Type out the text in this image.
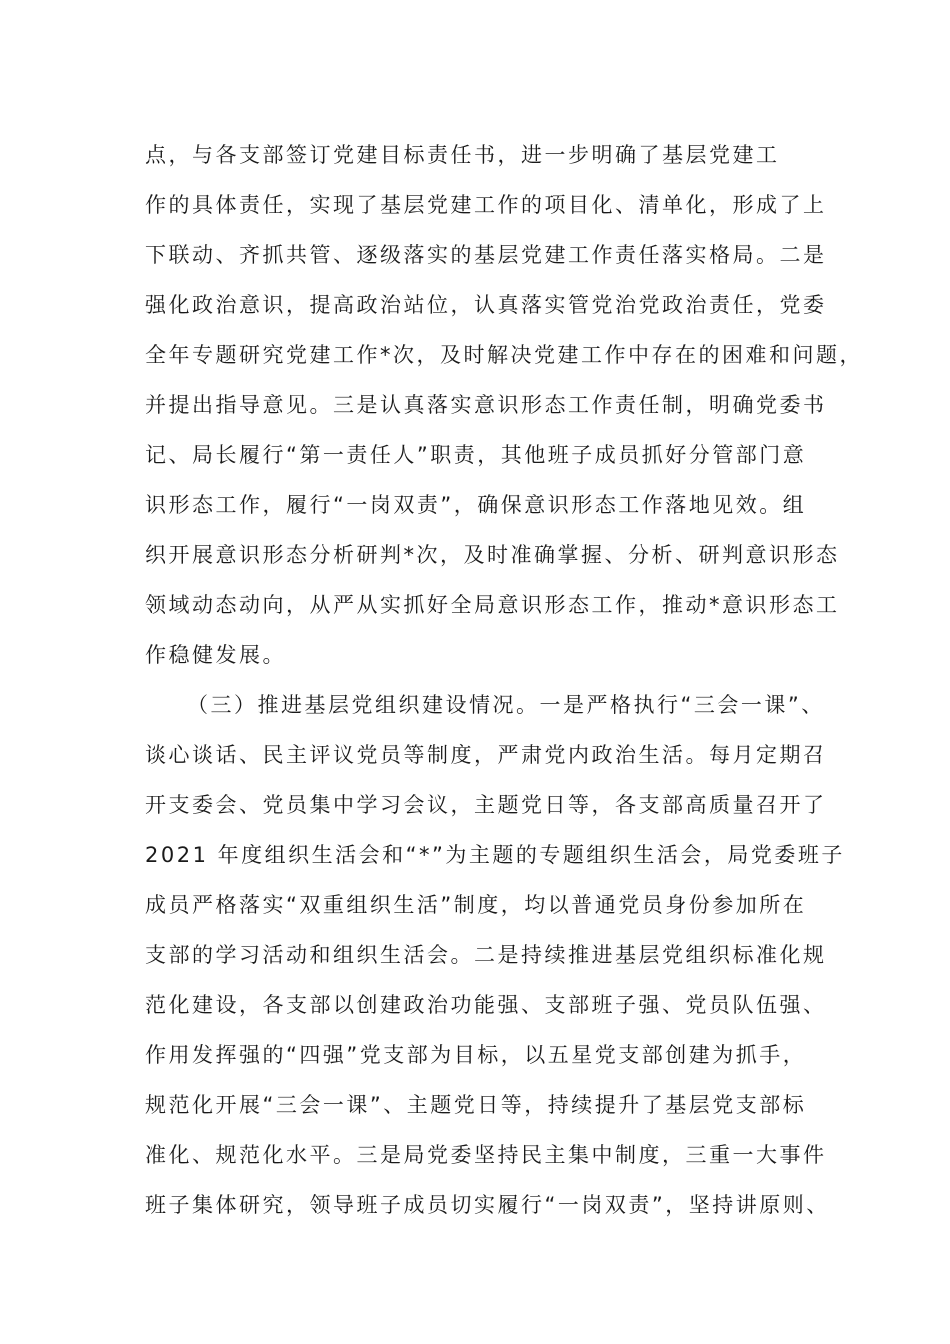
点，与各支部签订党建目标责任书，进一步明确了基层党建工
作的具体责任，实现了基层党建工作的项目化、清单化，形成了上
下联动、齐抓共管、逐级落实的基层党建工作责任落实格局。二是
强化政治意识，提高政治站位，认真落实管党治党政治责任，党委
全年专题研究党建工作*次，及时解决党建工作中存在的困难和问题，
并提出指导意见。三是认真落实意识形态工作责任制，明确党委书
记、局长履行“第一责任人”职责，其他班子成员抓好分管部门意
识形态工作，履行“一岗双责”，确保意识形态工作落地见效。组
织开展意识形态分析研判*次，及时准确掌握、分析、研判意识形态
领域动态动向，从严从实抓好全局意识形态工作，推动*意识形态工
作稳健发展。
（三）推进基层党组织建设情况。一是严格执行“三会一课”、
谈心谈话、民主评议党员等制度，严肃党内政治生活。每月定期召
开支委会、党员集中学习会议，主题党日等，各支部高质量召开了
2021 年度组织生活会和“*”为主题的专题组织生活会，局党委班子
成员严格落实“双重组织生活”制度，均以普通党员身份参加所在
支部的学习活动和组织生活会。二是持续推进基层党组织标准化规
范化建设，各支部以创建政治功能强、支部班子强、党员队伍强、
作用发挥强的“四强”党支部为目标，以五星党支部创建为抓手，
规范化开展“三会一课”、主题党日等，持续提升了基层党支部标
准化、规范化水平。三是局党委坚持民主集中制度，三重一大事件
班子集体研究，领导班子成员切实履行“一岗双责”，坚持讲原则、
